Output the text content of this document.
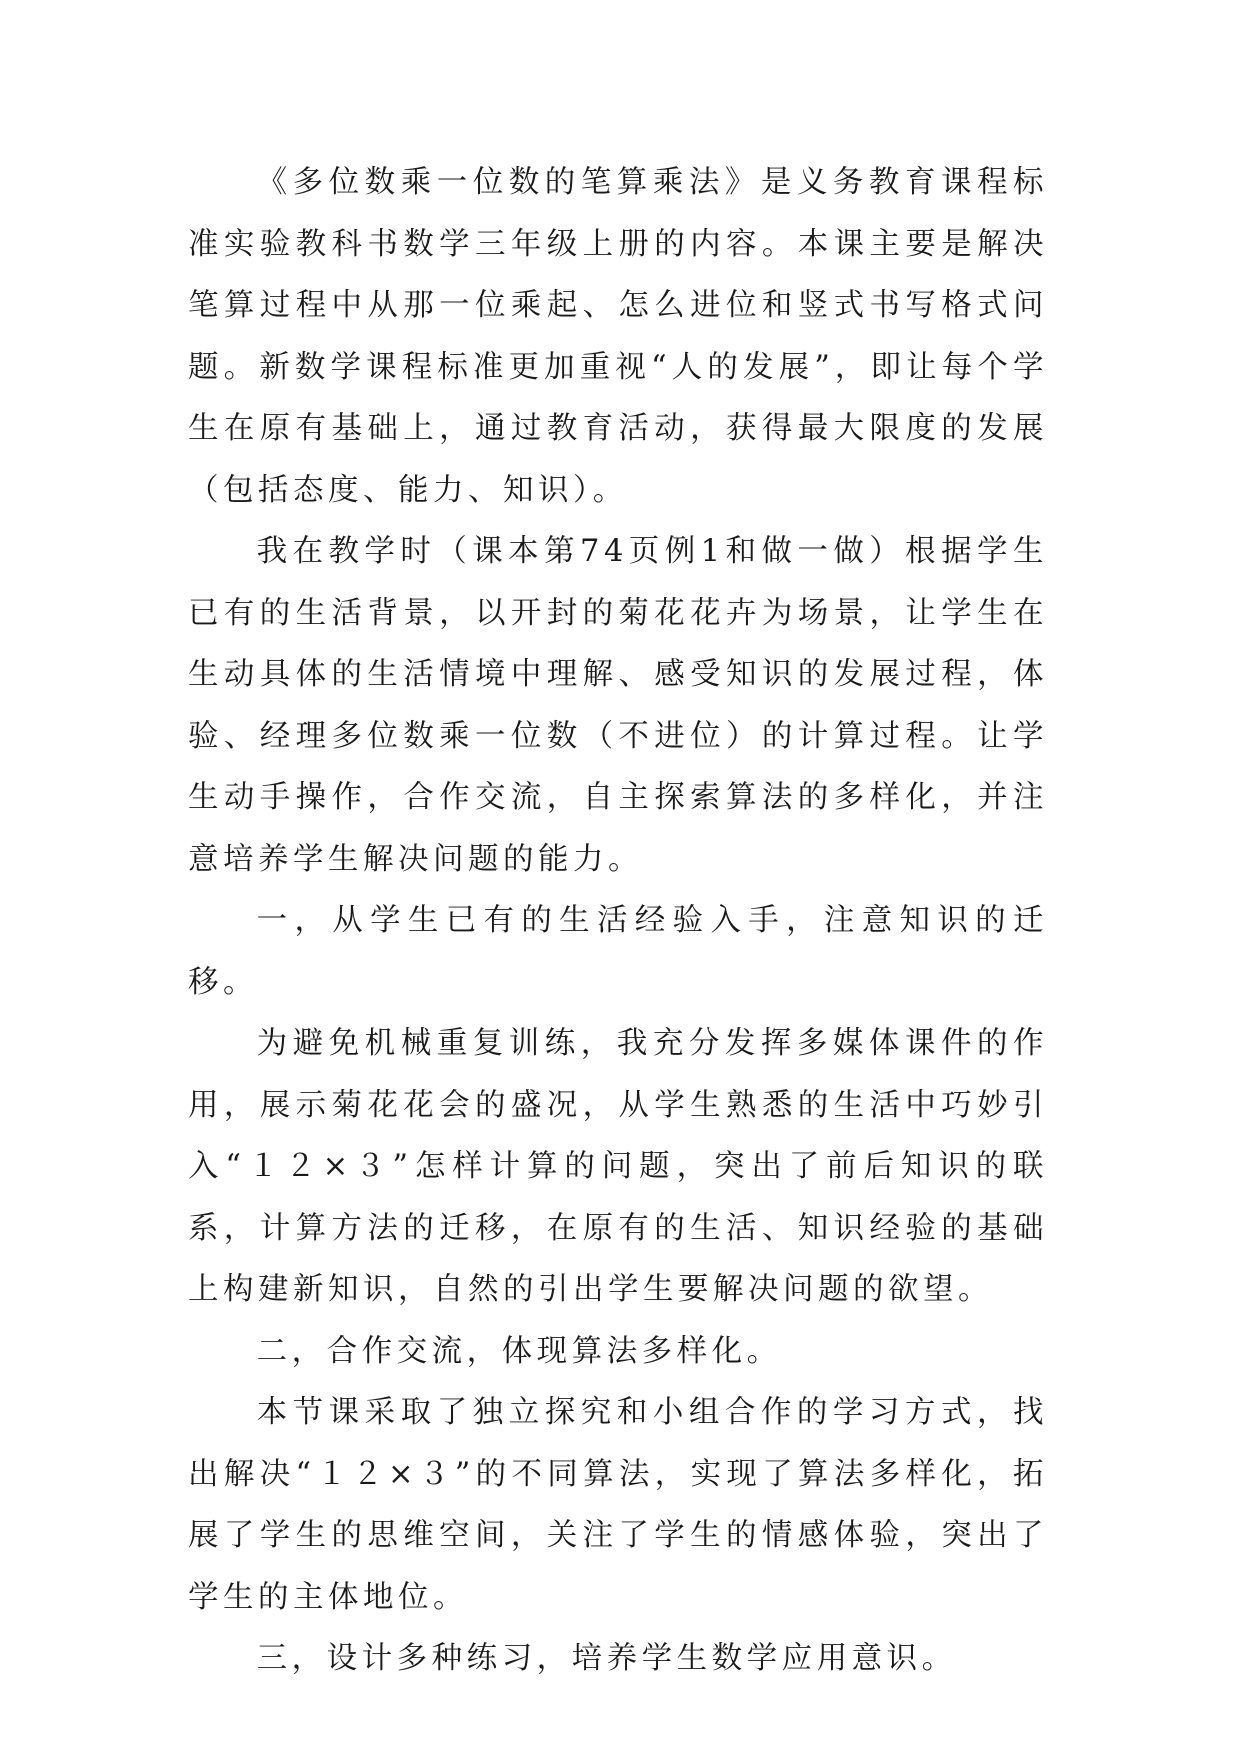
《多位数乘一位数的笔算乘法》是义务教育课程标准实验教科书数学三年级上册的内容。本课主要是解决笔算过程中从那一位乘起、怎么进位和竖式书写格式问题。新数学课程标准更加重视“人的发展”，即让每个学生在原有基础上，通过教育活动，获得最大限度的发展（包括态度、能力、知识）。

我在教学时（课本第74页例1和做一做）根据学生已有的生活背景，以开封的菊花花卉为场景，让学生在生动具体的生活情境中理解、感受知识的发展过程，体验、经理多位数乘一位数（不进位）的计算过程。让学生动手操作，合作交流，自主探索算法的多样化，并注意培养学生解决问题的能力。

一，从学生已有的生活经验入手，注意知识的迁移。

为避免机械重复训练，我充分发挥多媒体课件的作用，展示菊花花会的盛况，从学生熟悉的生活中巧妙引入“１２×３”怎样计算的问题，突出了前后知识的联系，计算方法的迁移，在原有的生活、知识经验的基础上构建新知识，自然的引出学生要解决问题的欲望。

二，合作交流，体现算法多样化。

本节课采取了独立探究和小组合作的学习方式，找出解决“１２×３”的不同算法，实现了算法多样化，拓展了学生的思维空间，关注了学生的情感体验，突出了学生的主体地位。

三，设计多种练习，培养学生数学应用意识。
